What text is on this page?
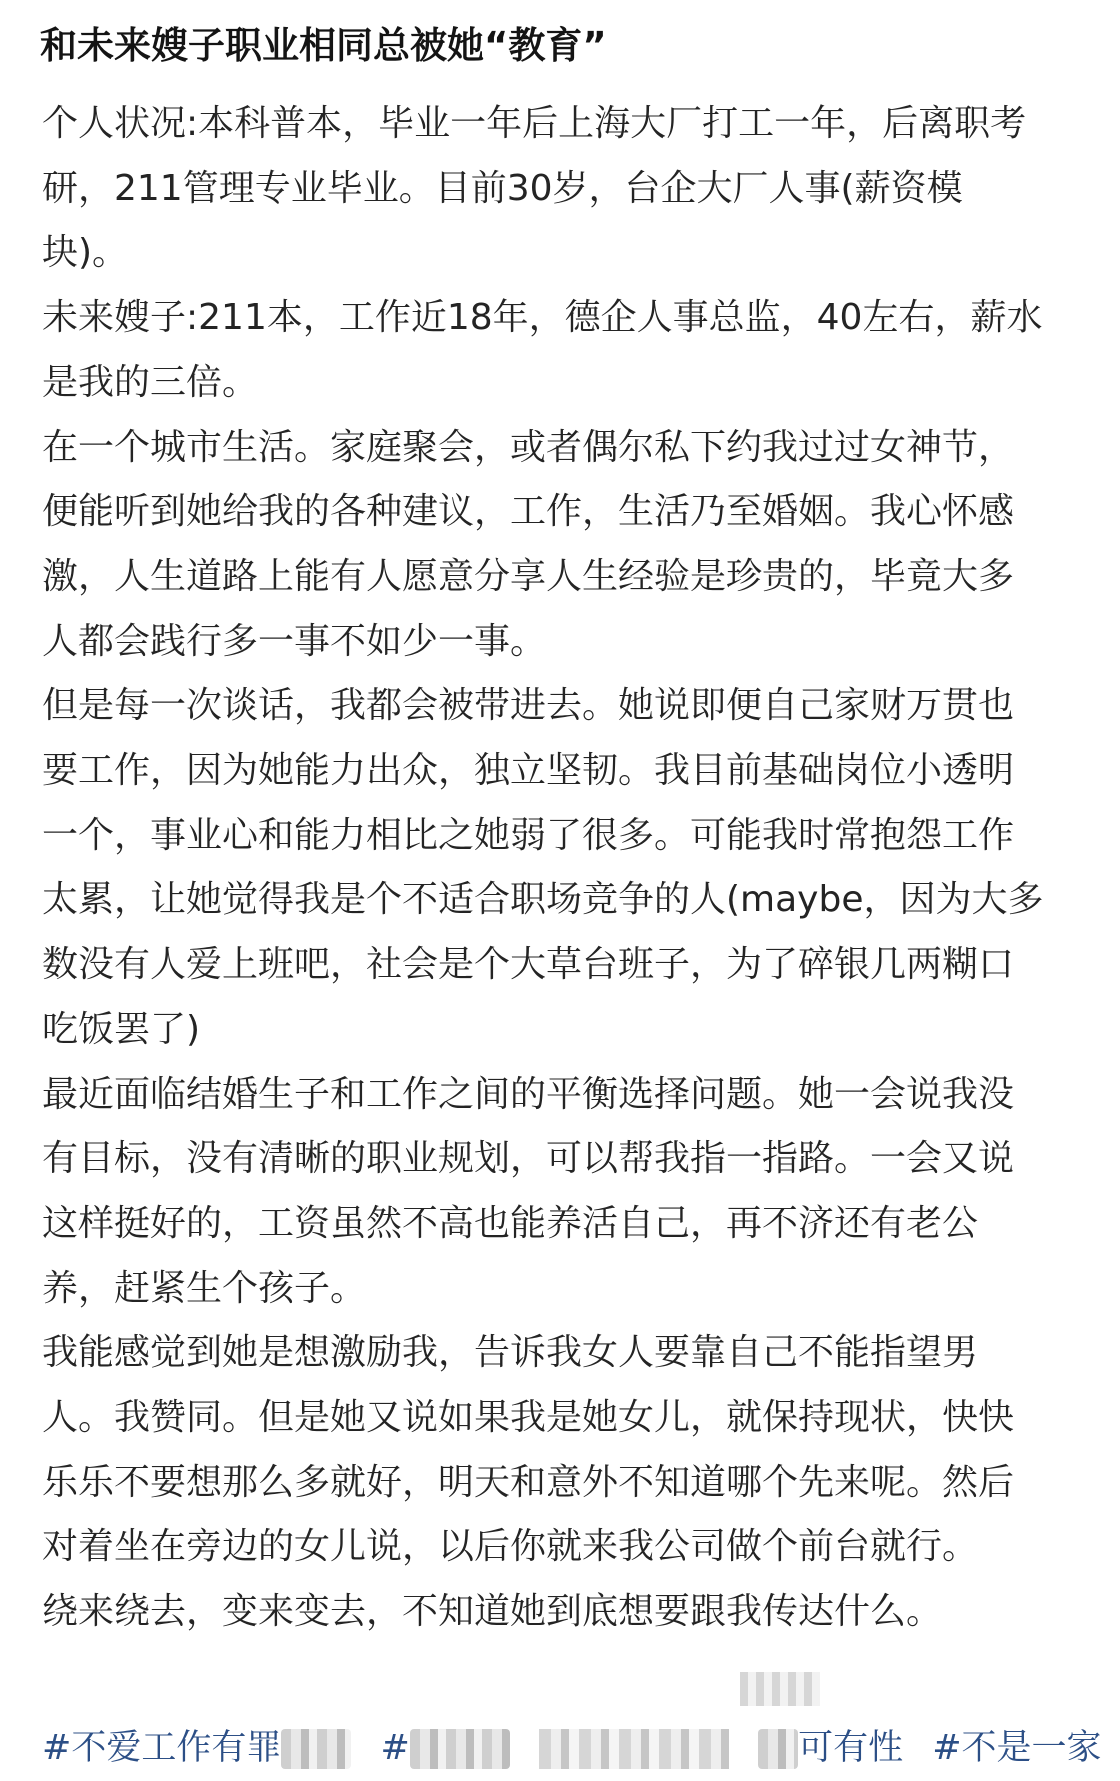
和未来嫂子职业相同总被她“教育”

个人状况:本科普本，毕业一年后上海大厂打工一年，后离职考研，211管理专业毕业。目前30岁，台企大厂人事(薪资模块)。

未来嫂子:211本，工作近18年，德企人事总监，40左右，薪水是我的三倍。

在一个城市生活。家庭聚会，或者偶尔私下约我过过女神节，便能听到她给我的各种建议，工作，生活乃至婚姻。我心怀感激，人生道路上能有人愿意分享人生经验是珍贵的，毕竟大多人都会践行多一事不如少一事。

但是每一次谈话，我都会被带进去。她说即便自己家财万贯也要工作，因为她能力出众，独立坚韧。我目前基础岗位小透明一个，事业心和能力相比之她弱了很多。可能我时常抱怨工作太累，让她觉得我是个不适合职场竞争的人(maybe，因为大多数没有人爱上班吧，社会是个大草台班子，为了碎银几两糊口吃饭罢了)

最近面临结婚生子和工作之间的平衡选择问题。她一会说我没有目标，没有清晰的职业规划，可以帮我指一指路。一会又说这样挺好的，工资虽然不高也能养活自己，再不济还有老公养，赶紧生个孩子。

我能感觉到她是想激励我，告诉我女人要靠自己不能指望男人。我赞同。但是她又说如果我是她女儿，就保持现状，快快乐乐不要想那么多就好，明天和意外不知道哪个先来呢。然后对着坐在旁边的女儿说，以后你就来我公司做个前台就行。

绕来绕去，变来变去，不知道她到底想要跟我传达什么。

#不爱工作有罪	#	可有性 #不是一家
